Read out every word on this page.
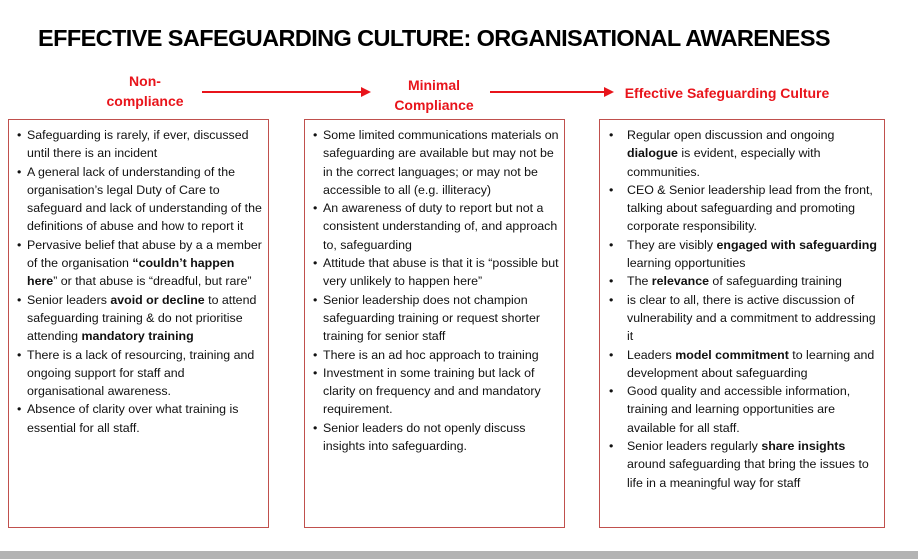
EFFECTIVE SAFEGUARDING CULTURE: ORGANISATIONAL AWARENESS
Non-compliance
Minimal Compliance
Effective Safeguarding Culture
• Safeguarding is rarely, if ever, discussed until there is an incident
• A general lack of understanding of the organisation’s legal Duty of Care to safeguard and lack of understanding of the definitions of abuse and how to report it
• Pervasive belief that abuse by a a member of the organisation “couldn’t happen here” or that abuse is “dreadful, but rare”
• Senior leaders avoid or decline to attend safeguarding training & do not prioritise attending mandatory training
• There is a lack of resourcing, training and ongoing support for staff and organisational awareness.
• Absence of clarity over what training is essential for all staff.
• Some limited communications materials on safeguarding are available but may not be in the correct languages; or may not be accessible to all (e.g. illiteracy)
• An awareness of duty to report but not a consistent understanding of, and approach to, safeguarding
• Attitude that abuse is that it is “possible but very unlikely to happen here”
• Senior leadership does not champion safeguarding training or request shorter training for senior staff
• There is an ad hoc approach to training
• Investment in some training but lack of clarity on frequency and and mandatory requirement.
• Senior leaders do not openly discuss insights into safeguarding.
• Regular open discussion and ongoing dialogue is evident, especially with communities.
• CEO & Senior leadership lead from the front, talking about safeguarding and promoting corporate responsibility.
• They are visibly engaged with safeguarding learning opportunities
• The relevance of safeguarding training
• is clear to all, there is active discussion of vulnerability and a commitment to addressing it
• Leaders model commitment to learning and development about safeguarding
• Good quality and accessible information, training and learning opportunities are available for all staff.
• Senior leaders regularly share insights around safeguarding that bring the issues to life in a meaningful way for staff
